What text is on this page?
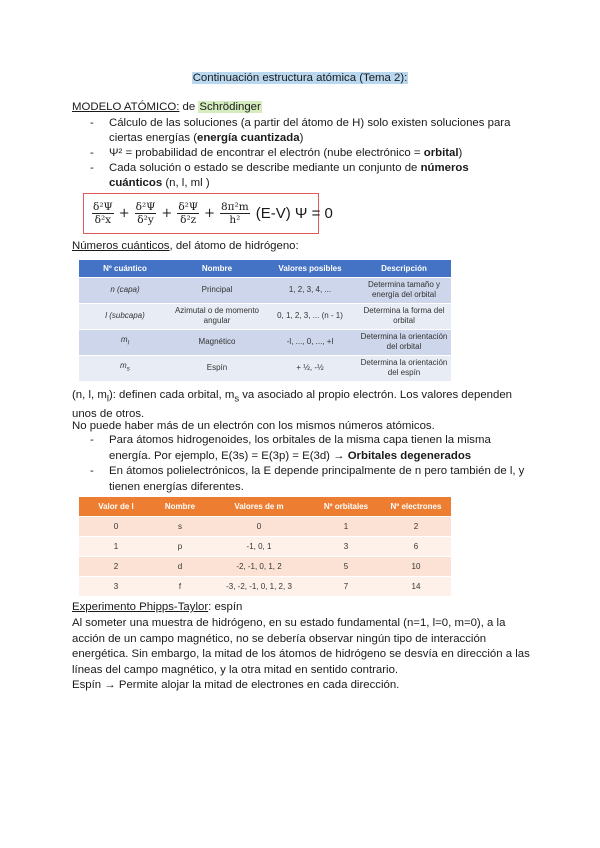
Continuación estructura atómica (Tema 2):
MODELO ATÓMICO: de Schrödinger
- Cálculo de las soluciones (a partir del átomo de H) solo existen soluciones para ciertas energías (energía cuantizada)
- Ψ² = probabilidad de encontrar el electrón (nube electrónico = orbital)
- Cada solución o estado se describe mediante un conjunto de números cuánticos (n, l, ml )
$\frac{\text{δ²Ψ}}{\text{δ²x}} + \frac{\text{δ²Ψ}}{\text{δ²y}} + \frac{\text{δ²Ψ}}{\text{δ²z}} + \frac{\text{8π²m}}{\text{h²}} (E-V) \Psi = 0$
Números cuánticos, del átomo de hidrógeno:
Nº cuántico	Nombre	Valores posibles	Descripción
n (capa)	Principal	1, 2, 3, 4, ...	Determina tamaño y energía del orbital
l (subcapa)	Azimutal o de momento angular	0, 1, 2, 3, ... (n - 1)	Determina la forma del orbital
$m_l$	Magnético	-l, ..., 0, ..., +l	Determina la orientación del orbital
$m_s$	Espín	+ ½, -½	Determina la orientación del espín
(n, l, $m_l$): definen cada orbital, $m_s$ va asociado al propio electrón. Los valores dependen unos de otros.
No puede haber más de un electrón con los mismos números atómicos.
- Para átomos hidrogenoides, los orbitales de la misma capa tienen la misma energía. Por ejemplo, E(3s) = E(3p) = E(3d) → Orbitales degenerados
- En átomos polielectrónicos, la E depende principalmente de n pero también de l, y tienen energías diferentes.
Valor de l	Nombre	Valores de m	Nº orbitales	Nº electrones
0	s	0	1	2
1	p	-1, 0, 1	3	6
2	d	-2, -1, 0, 1, 2	5	10
3	f	-3, -2, -1, 0, 1, 2, 3	7	14
Experimento Phipps-Taylor: espín
Al someter una muestra de hidrógeno, en su estado fundamental (n=1, l=0, m=0), a la acción de un campo magnético, no se debería observar ningún tipo de interacción energética. Sin embargo, la mitad de los átomos de hidrógeno se desvía en dirección a las líneas del campo magnético, y la otra mitad en sentido contrario.
Espín → Permite alojar la mitad de electrones en cada dirección.
